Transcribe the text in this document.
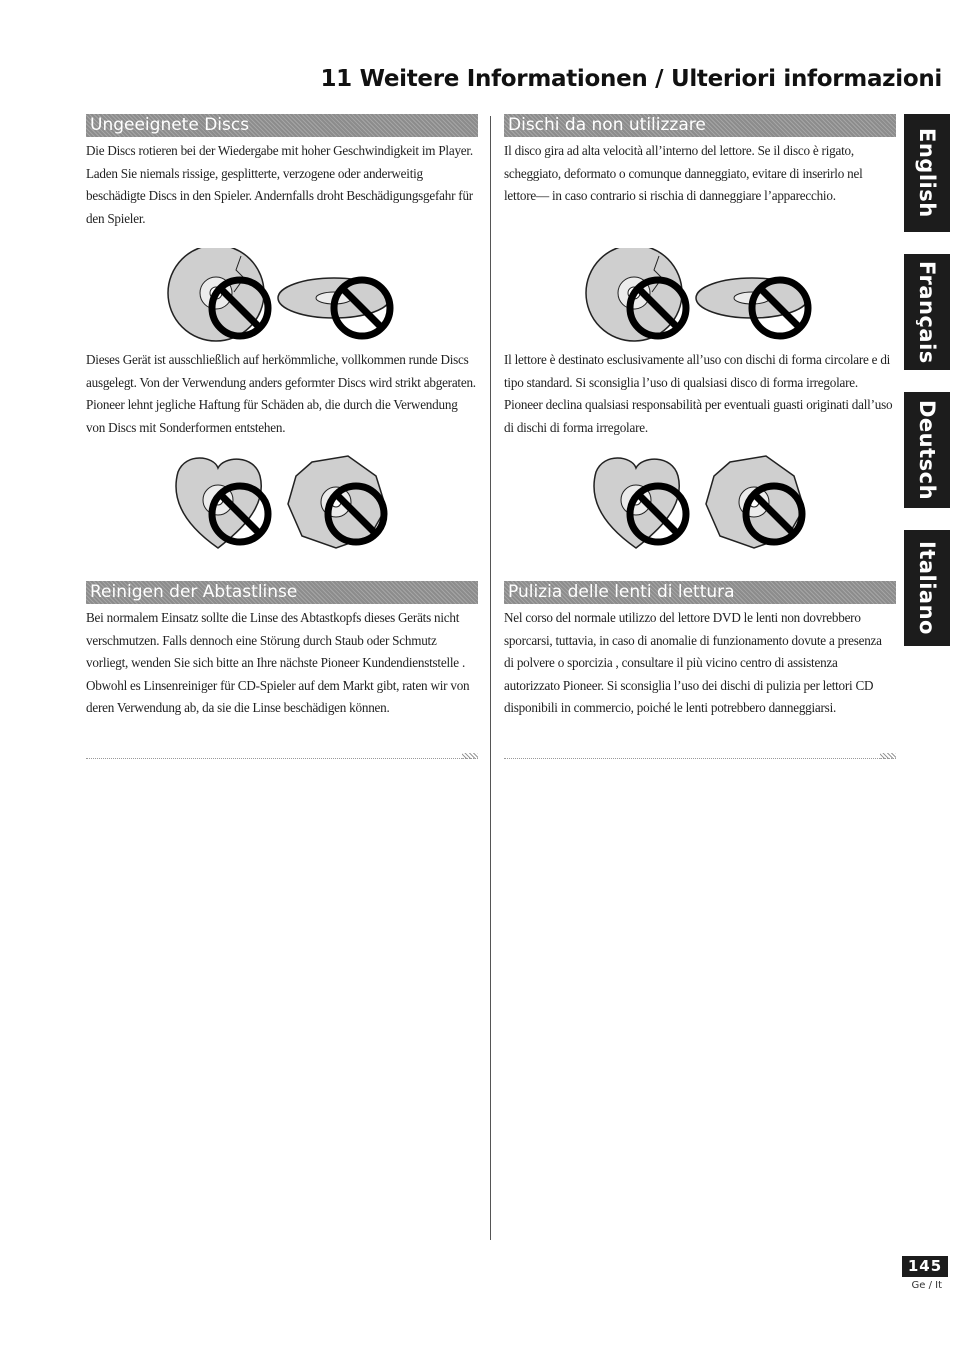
11 Weitere Informationen / Ulteriori informazioni
Ungeeignete Discs

Die Discs rotieren bei der Wiedergabe mit hoher Geschwindigkeit im Player. Laden Sie niemals rissige, gesplitterte, verzogene oder anderweitig beschädigte Discs in den Spieler. Andernfalls droht Beschädigungsgefahr für den Spieler.

Dieses Gerät ist ausschließlich auf herkömmliche, vollkommen runde Discs ausgelegt. Von der Verwendung anders geformter Discs wird strikt abgeraten. Pioneer lehnt jegliche Haftung für Schäden ab, die durch die Verwendung von Discs mit Sonderformen entstehen.

Reinigen der Abtastlinse

Bei normalem Einsatz sollte die Linse des Abtastkopfs dieses Geräts nicht verschmutzen. Falls dennoch eine Störung durch Staub oder Schmutz vorliegt, wenden Sie sich bitte an Ihre nächste Pioneer Kundendienststelle . Obwohl es Linsenreiniger für CD-Spieler auf dem Markt gibt, raten wir von deren Verwendung ab, da sie die Linse beschädigen können.

Dischi da non utilizzare

Il disco gira ad alta velocità all’interno del lettore. Se il disco è rigato, scheggiato, deformato o comunque danneggiato, evitare di inserirlo nel lettore— in caso contrario si rischia di danneggiare l’apparecchio.

Il lettore è destinato esclusivamente all’uso con dischi di forma circolare e di tipo standard. Si sconsiglia l’uso di qualsiasi disco di forma irregolare. Pioneer declina qualsiasi responsabilità per eventuali guasti originati dall’uso di dischi di forma irregolare.

Pulizia delle lenti di lettura

Nel corso del normale utilizzo del lettore DVD le lenti non dovrebbero sporcarsi, tuttavia, in caso di anomalie di funzionamento dovute a presenza di polvere o sporcizia , consultare il più vicino centro di assistenza autorizzato Pioneer. Si sconsiglia l’uso dei dischi di pulizia per lettori CD disponibili in commercio, poiché le lenti potrebbero danneggiarsi.

English
Français
Deutsch
Italiano
145
Ge / It
